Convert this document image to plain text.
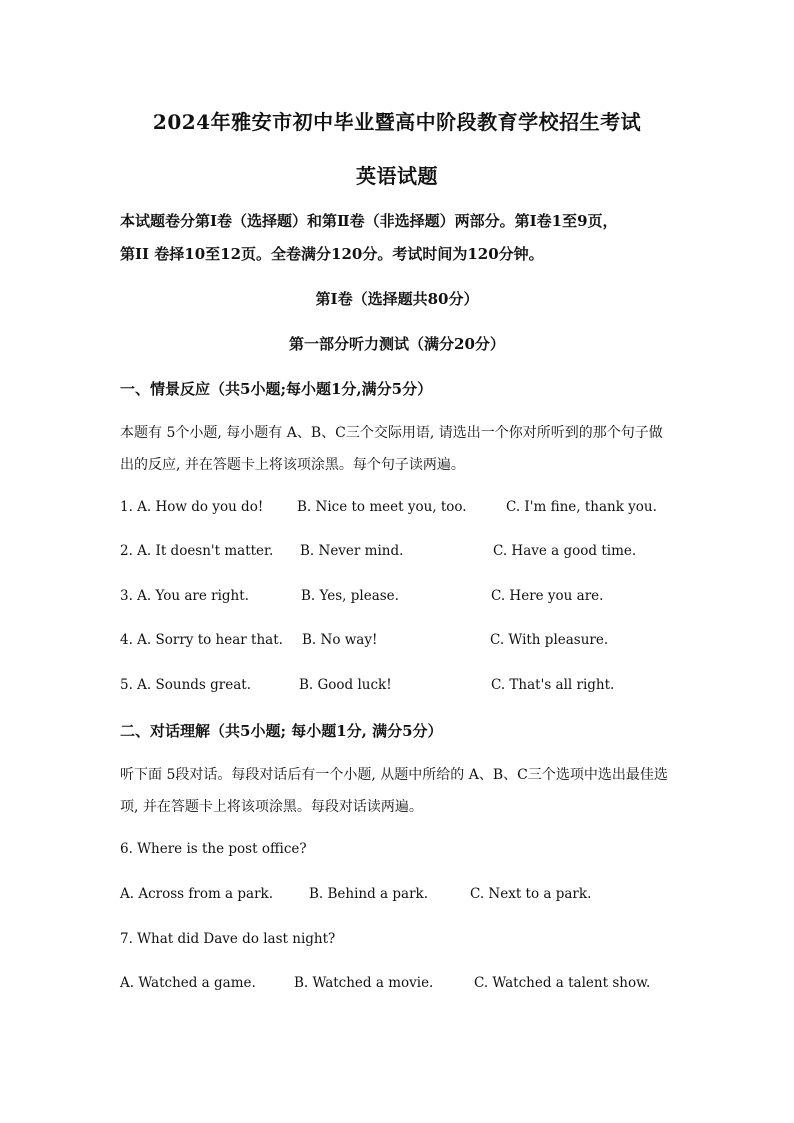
2024年雅安市初中毕业暨高中阶段教育学校招生考试
英语试题
本试题卷分第Ⅰ卷（选择题）和第Ⅱ卷（非选择题）两部分。第Ⅰ卷1至9页，
第II 卷择10至12页。全卷满分120分。考试时间为120分钟。
第Ⅰ卷（选择题共80分）
第一部分听力测试（满分20分）
一、情景反应（共5小题;每小题1分,满分5分）
本题有 5个小题, 每小题有 A、B、C三个交际用语, 请选出一个你对所听到的那个句子做
出的反应, 并在答题卡上将该项涂黑。每个句子读两遍。
1. A. How do you do!	B. Nice to meet you, too.	C. I'm fine, thank you.
2. A. It doesn't matter. B. Never mind.	C. Have a good time.
3. A. You are right.	B. Yes, please.	C. Here you are.
4. A. Sorry to hear that. B. No way!	C. With pleasure.
5. A. Sounds great.	B. Good luck!	C. That's all right.
二、对话理解（共5小题; 每小题1分, 满分5分）
听下面 5段对话。每段对话后有一个小题, 从题中所给的 A、B、C三个选项中选出最佳选
项, 并在答题卡上将该项涂黑。每段对话读两遍。
6. Where is the post office?
A. Across from a park.	B. Behind a park.	C. Next to a park.
7. What did Dave do last night?
A. Watched a game.	B. Watched a movie.	C. Watched a talent show.
